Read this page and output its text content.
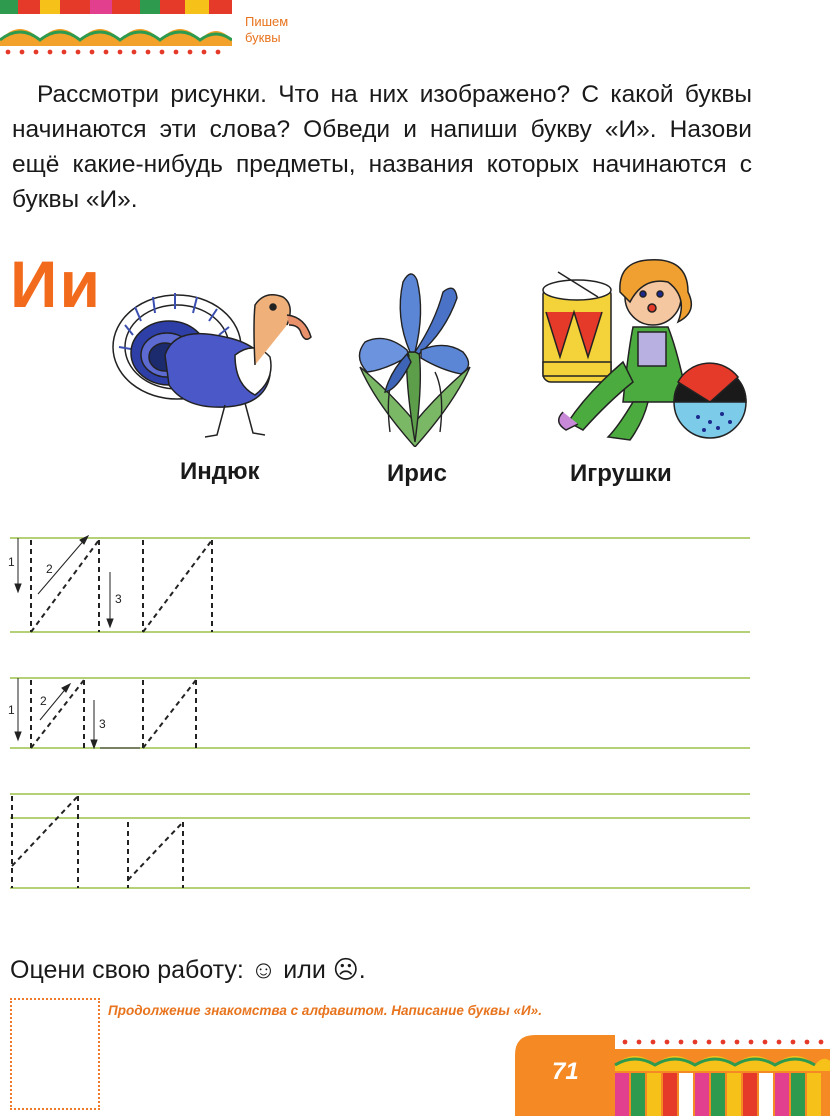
Пишем буквы
Рассмотри рисунки. Что на них изображено? С какой буквы начинаются эти слова? Обведи и напиши букву «И». Назови ещё какие-нибудь предметы, названия которых начинаются с буквы «И».
Ии
Индюк	Ирис	Игрушки
1	2
3
1
2
3
Оцени свою работу: ☺ или ☹.
Продолжение знакомства с алфавитом. Написание буквы «И».
71
